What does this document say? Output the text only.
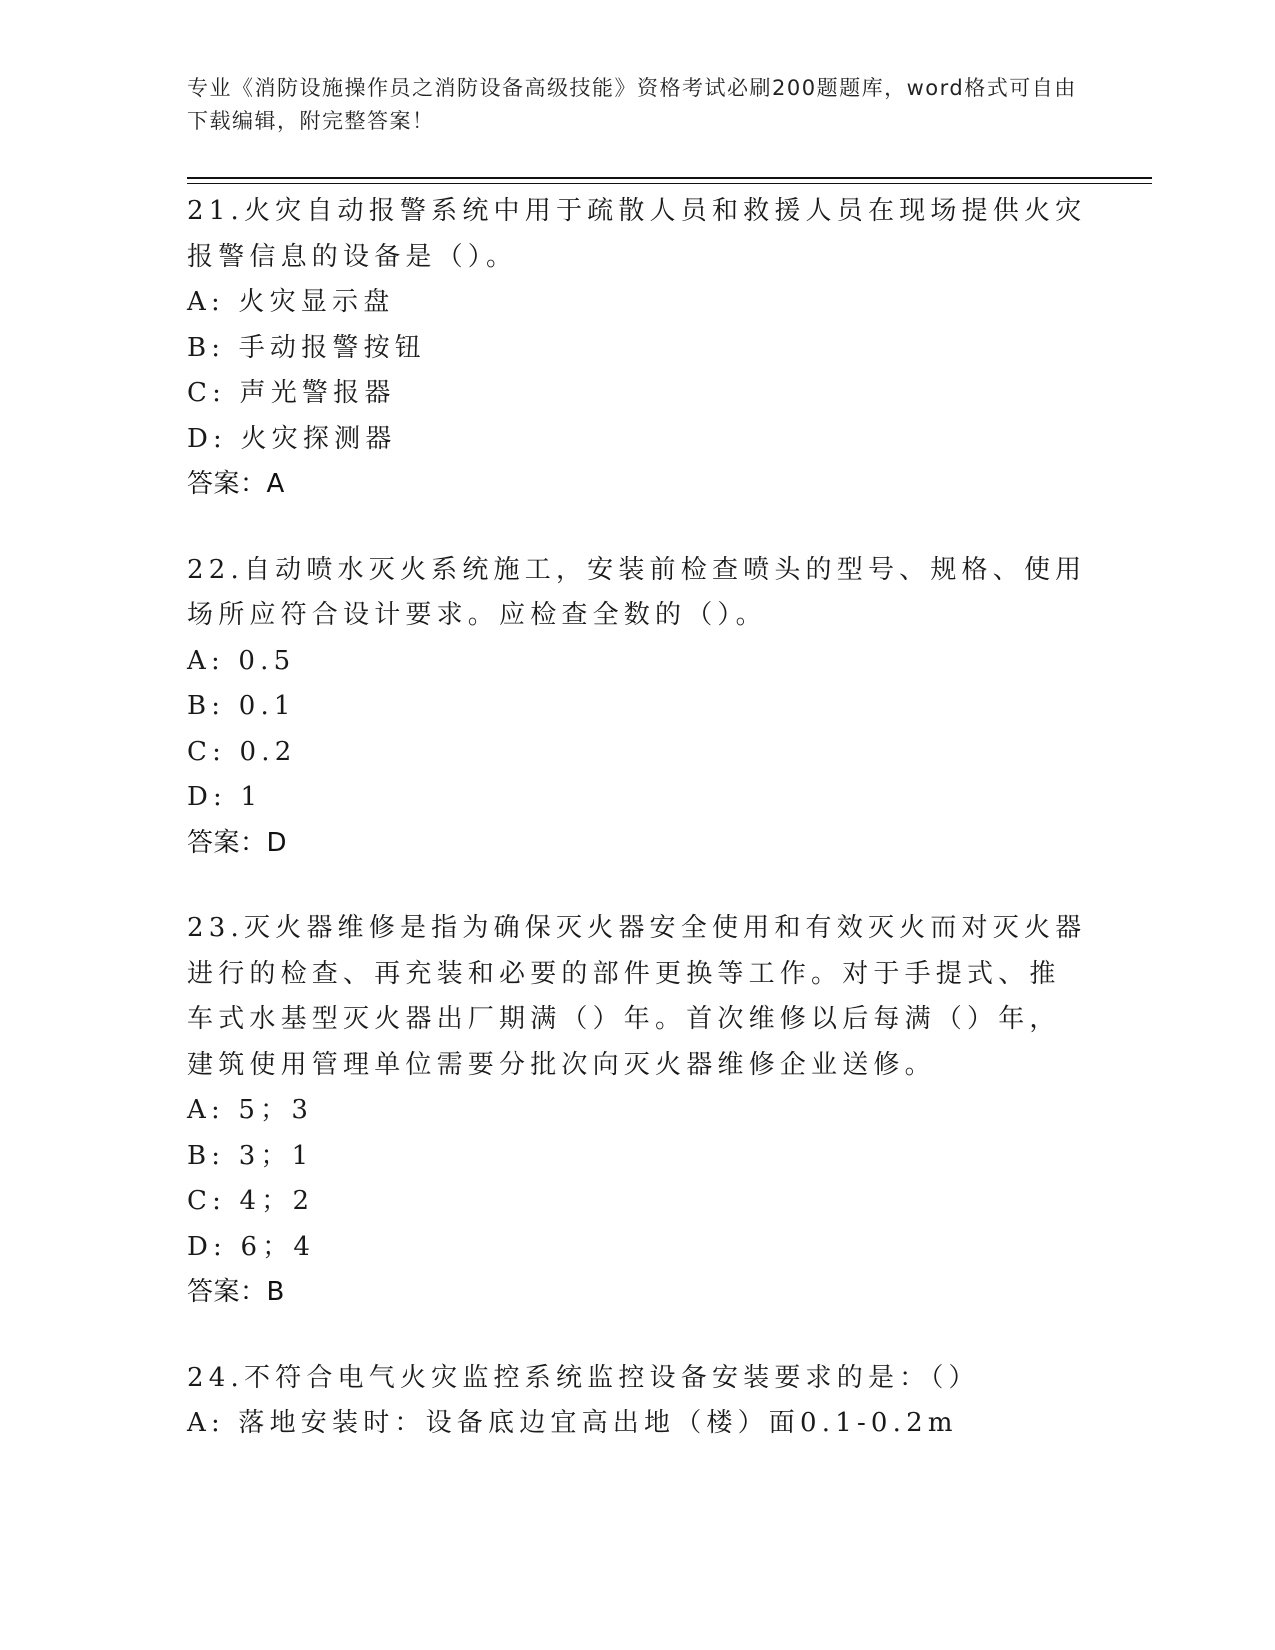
专业《消防设施操作员之消防设备高级技能》资格考试必刷200题题库，word格式可自由下载编辑，附完整答案！

21.火灾自动报警系统中用于疏散人员和救援人员在现场提供火灾报警信息的设备是（）。

A: 火灾显示盘

B: 手动报警按钮

C: 声光警报器

D: 火灾探测器

答案：A

22.自动喷水灭火系统施工，安装前检查喷头的型号、规格、使用场所应符合设计要求。应检查全数的（）。

A: 0.5

B: 0.1

C: 0.2

D: 1

答案：D

23.灭火器维修是指为确保灭火器安全使用和有效灭火而对灭火器进行的检查、再充装和必要的部件更换等工作。对于手提式、推车式水基型灭火器出厂期满（）年。首次维修以后每满（）年，建筑使用管理单位需要分批次向灭火器维修企业送修。

A: 5；3

B: 3；1

C: 4；2

D: 6；4

答案：B

24.不符合电气火灾监控系统监控设备安装要求的是：（）

A: 落地安装时：设备底边宜高出地（楼）面0.1-0.2m
